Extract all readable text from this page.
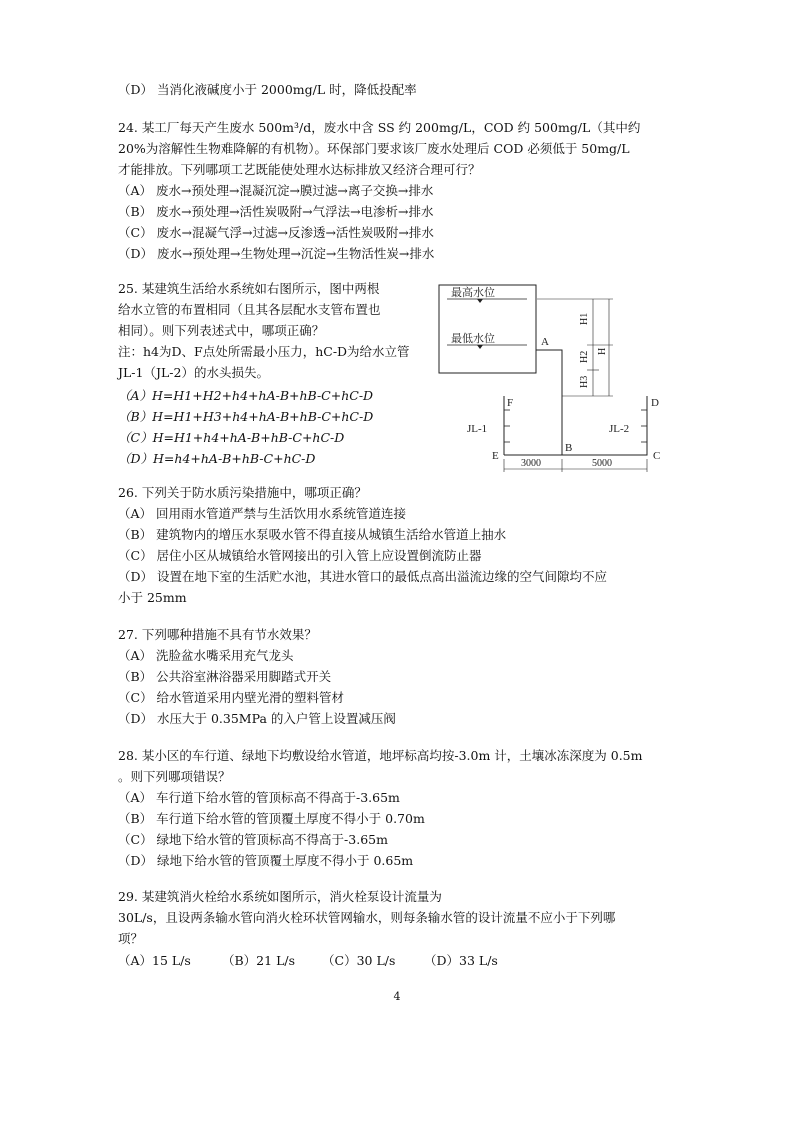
（D） 当消化液碱度小于 2000mg/L 时，降低投配率
24. 某工厂每天产生废水 500m³/d，废水中含 SS 约 200mg/L，COD 约 500mg/L（其中约
20%为溶解性生物难降解的有机物）。环保部门要求该厂废水处理后 COD 必须低于 50mg/L
才能排放。下列哪项工艺既能使处理水达标排放又经济合理可行？
（A） 废水→预处理→混凝沉淀→膜过滤→离子交换→排水
（B） 废水→预处理→活性炭吸附→气浮法→电渗析→排水
（C） 废水→混凝气浮→过滤→反渗透→活性炭吸附→排水
（D） 废水→预处理→生物处理→沉淀→生物活性炭→排水
25. 某建筑生活给水系统如右图所示，图中两根
给水立管的布置相同（且其各层配水支管布置也
相同）。则下列表述式中，哪项正确？
注：h4为D、F点处所需最小压力，hC-D为给水立管
JL-1（JL-2）的水头损失。
（A）H=H1+H2+h4+hA-B+hB-C+hC-D
（B）H=H1+H3+h4+hA-B+hB-C+hC-D
（C）H=H1+h4+hA-B+hB-C+hC-D
（D）H=h4+hA-B+hB-C+hC-D
最高水位
最低水位
H1
H2
H3
H
3000	5000
A
B
C
D
E
F
JL-1	JL-2
26. 下列关于防水质污染措施中，哪项正确？
（A） 回用雨水管道严禁与生活饮用水系统管道连接
（B） 建筑物内的增压水泵吸水管不得直接从城镇生活给水管道上抽水
（C） 居住小区从城镇给水管网接出的引入管上应设置倒流防止器
（D） 设置在地下室的生活贮水池，其进水管口的最低点高出溢流边缘的空气间隙均不应
小于 25mm
27. 下列哪种措施不具有节水效果？
（A） 洗脸盆水嘴采用充气龙头
（B） 公共浴室淋浴器采用脚踏式开关
（C） 给水管道采用内壁光滑的塑料管材
（D） 水压大于 0.35MPa 的入户管上设置减压阀
28. 某小区的车行道、绿地下均敷设给水管道，地坪标高均按-3.0m 计，土壤冰冻深度为 0.5m
。则下列哪项错误？
（A） 车行道下给水管的管顶标高不得高于-3.65m
（B） 车行道下给水管的管顶覆土厚度不得小于 0.70m
（C） 绿地下给水管的管顶标高不得高于-3.65m
（D） 绿地下给水管的管顶覆土厚度不得小于 0.65m
29. 某建筑消火栓给水系统如图所示，消火栓泵设计流量为
30L/s，且设两条输水管向消火栓环状管网输水，则每条输水管的设计流量不应小于下列哪
项？
（A）15 L/s （B）21 L/s （C）30 L/s （D）33 L/s
4
